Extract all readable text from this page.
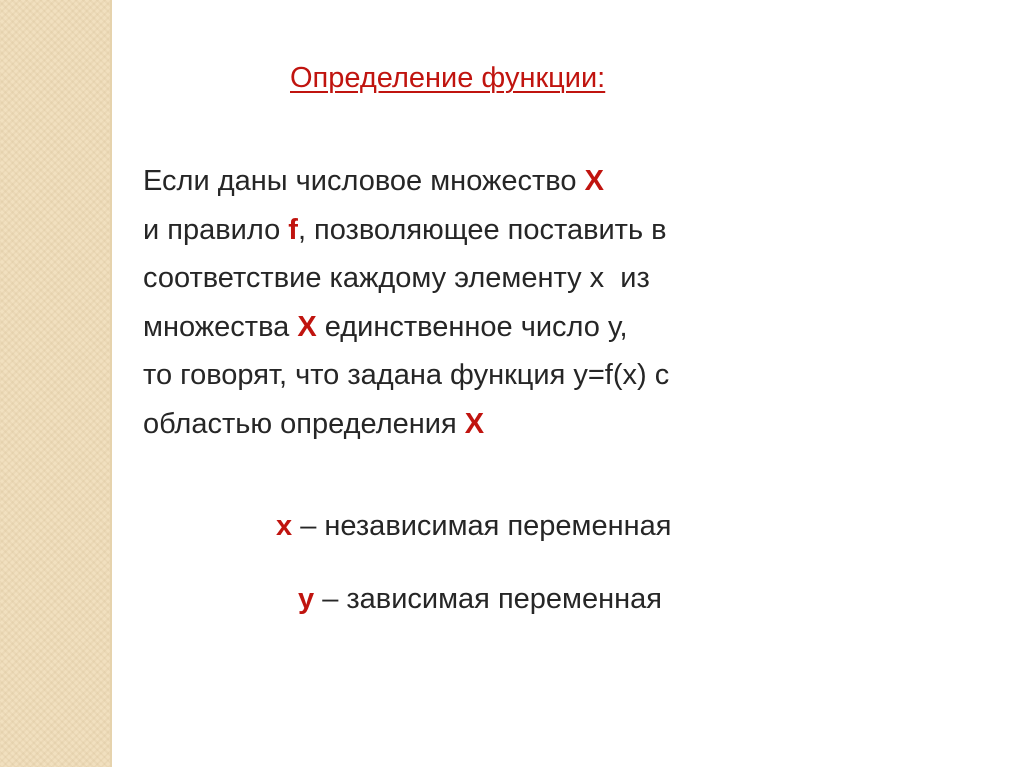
Определение функции:

Если даны числовое множество Х
и правило f, позволяющее поставить в
соответствие каждому элементу х  из
множества Х единственное число у,
то говорят, что задана функция у=f(х) с
областью определения Х

х – независимая переменная

у – зависимая переменная
